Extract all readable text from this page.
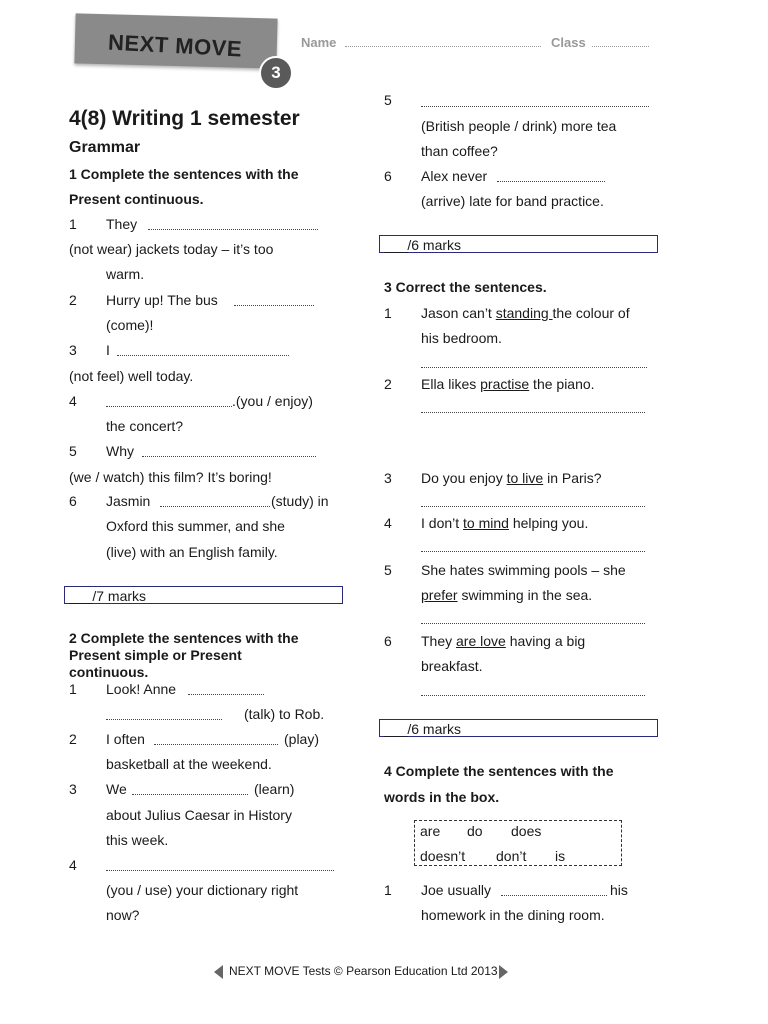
NEXT MOVE
3
Name	Class
4(8) Writing 1 semester
Grammar
1 Complete the sentences with the
Present continuous.
1 They
(not wear) jackets today – it’s too
warm.
2 Hurry up! The bus
(come)!
3 I
(not feel) well today.
4	.(you / enjoy)
the concert?
5 Why
(we / watch) this film? It’s boring!
6 Jasmin	(study) in
Oxford this summer, and she
(live) with an English family.
___/7 marks
2 Complete the sentences with the
Present simple or Present
continuous.
1 Look! Anne
(talk) to Rob.
2 I often	(play)
basketball at the weekend.
3 We	(learn)
about Julius Caesar in History
this week.
4
(you / use) your dictionary right
now?
5
(British people / drink) more tea
than coffee?
6 Alex never
(arrive) late for band practice.
___/6 marks
3 Correct the sentences.
1 Jason can’t standing the colour of
his bedroom.
2 Ella likes practise the piano.
3 Do you enjoy to live in Paris?
4 I don’t to mind helping you.
5 She hates swimming pools – she
prefer swimming in the sea.
6 They are love having a big
breakfast.
___/6 marks
4 Complete the sentences with the
words in the box.
are do does
doesn’t don’t is
1 Joe usually	his
homework in the dining room.
NEXT MOVE Tests © Pearson Education Ltd 2013
